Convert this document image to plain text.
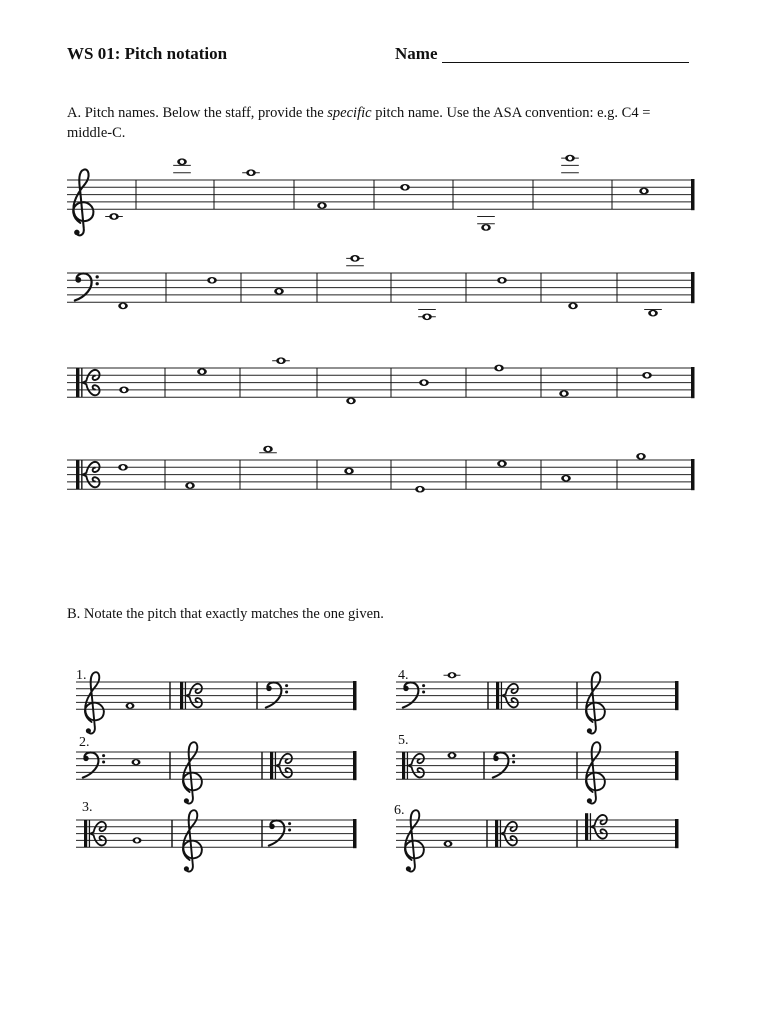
WS 01: Pitch notation	Name
A. Pitch names. Below the staff, provide the specific pitch name. Use the ASA convention: e.g. C4 = middle-C.
B. Notate the pitch that exactly matches the one given.
1.
2.
3.
4.
5.
6.
